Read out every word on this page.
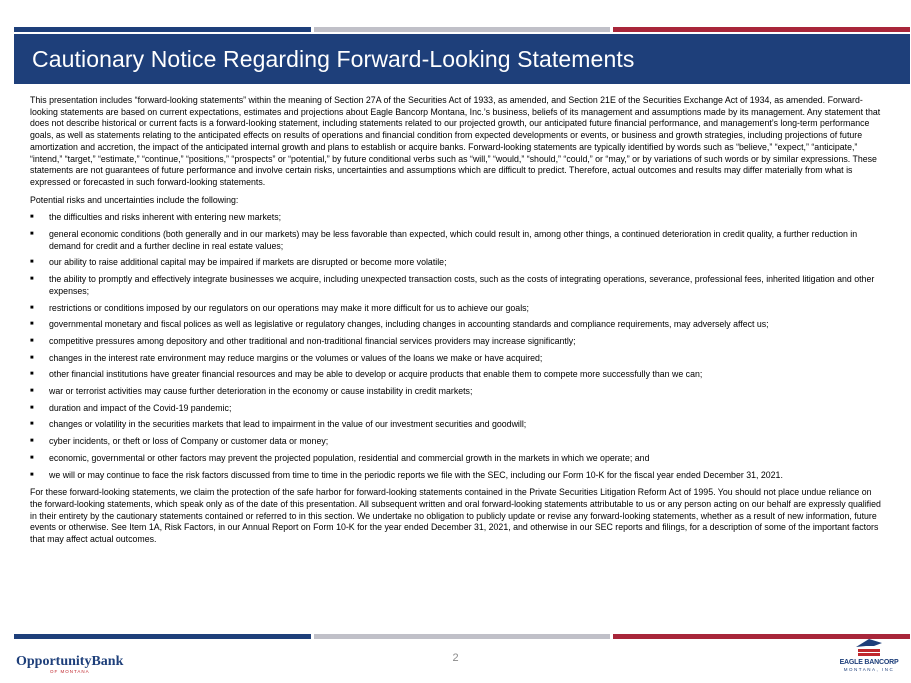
Cautionary Notice Regarding Forward-Looking Statements

This presentation includes “forward-looking statements” within the meaning of Section 27A of the Securities Act of 1933, as amended, and Section 21E of the Securities Exchange Act of 1934, as amended. Forward-looking statements are based on current expectations, estimates and projections about Eagle Bancorp Montana, Inc.’s business, beliefs of its management and assumptions made by its management. Any statement that does not describe historical or current facts is a forward-looking statement, including statements related to our projected growth, our anticipated future financial performance, and management’s long-term performance goals, as well as statements relating to the anticipated effects on results of operations and financial condition from expected developments or events, or business and growth strategies, including projections of future amortization and accretion, the impact of the anticipated internal growth and plans to establish or acquire banks. Forward-looking statements are typically identified by words such as “believe,” “expect,” “anticipate,” “intend,” “target,” “estimate,” “continue,” “positions,” “prospects” or “potential,” by future conditional verbs such as “will,” “would,” “should,” “could,” or “may,” or by variations of such words or by similar expressions. These statements are not guarantees of future performance and involve certain risks, uncertainties and assumptions which are difficult to predict. Therefore, actual outcomes and results may differ materially from what is expressed or forecasted in such forward-looking statements.

Potential risks and uncertainties include the following:

■ the difficulties and risks inherent with entering new markets;
■ general economic conditions (both generally and in our markets) may be less favorable than expected, which could result in, among other things, a continued deterioration in credit quality, a further reduction in demand for credit and a further decline in real estate values;
■ our ability to raise additional capital may be impaired if markets are disrupted or become more volatile;
■ the ability to promptly and effectively integrate businesses we acquire, including unexpected transaction costs, such as the costs of integrating operations, severance, professional fees, inherited litigation and other expenses;
■ restrictions or conditions imposed by our regulators on our operations may make it more difficult for us to achieve our goals;
■ governmental monetary and fiscal polices as well as legislative or regulatory changes, including changes in accounting standards and compliance requirements, may adversely affect us;
■ competitive pressures among depository and other traditional and non-traditional financial services providers may increase significantly;
■ changes in the interest rate environment may reduce margins or the volumes or values of the loans we make or have acquired;
■ other financial institutions have greater financial resources and may be able to develop or acquire products that enable them to compete more successfully than we can;
■ war or terrorist activities may cause further deterioration in the economy or cause instability in credit markets;
■ duration and impact of the Covid-19 pandemic;
■ changes or volatility in the securities markets that lead to impairment in the value of our investment securities and goodwill;
■ cyber incidents, or theft or loss of Company or customer data or money;
■ economic, governmental or other factors may prevent the projected population, residential and commercial growth in the markets in which we operate; and
■ we will or may continue to face the risk factors discussed from time to time in the periodic reports we file with the SEC, including our Form 10-K for the fiscal year ended December 31, 2021.

For these forward-looking statements, we claim the protection of the safe harbor for forward-looking statements contained in the Private Securities Litigation Reform Act of 1995. You should not place undue reliance on the forward-looking statements, which speak only as of the date of this presentation. All subsequent written and oral forward-looking statements attributable to us or any person acting on our behalf are expressly qualified in their entirety by the cautionary statements contained or referred to in this section. We undertake no obligation to publicly update or revise any forward-looking statements, whether as a result of new information, future events or otherwise. See Item 1A, Risk Factors, in our Annual Report on Form 10-K for the year ended December 31, 2021, and otherwise in our SEC reports and filings, for a description of some of the important factors that may affect actual outcomes.

OpportunityBank
OF MONTANA
2	EAGLE BANCORP
MONTANA, INC
